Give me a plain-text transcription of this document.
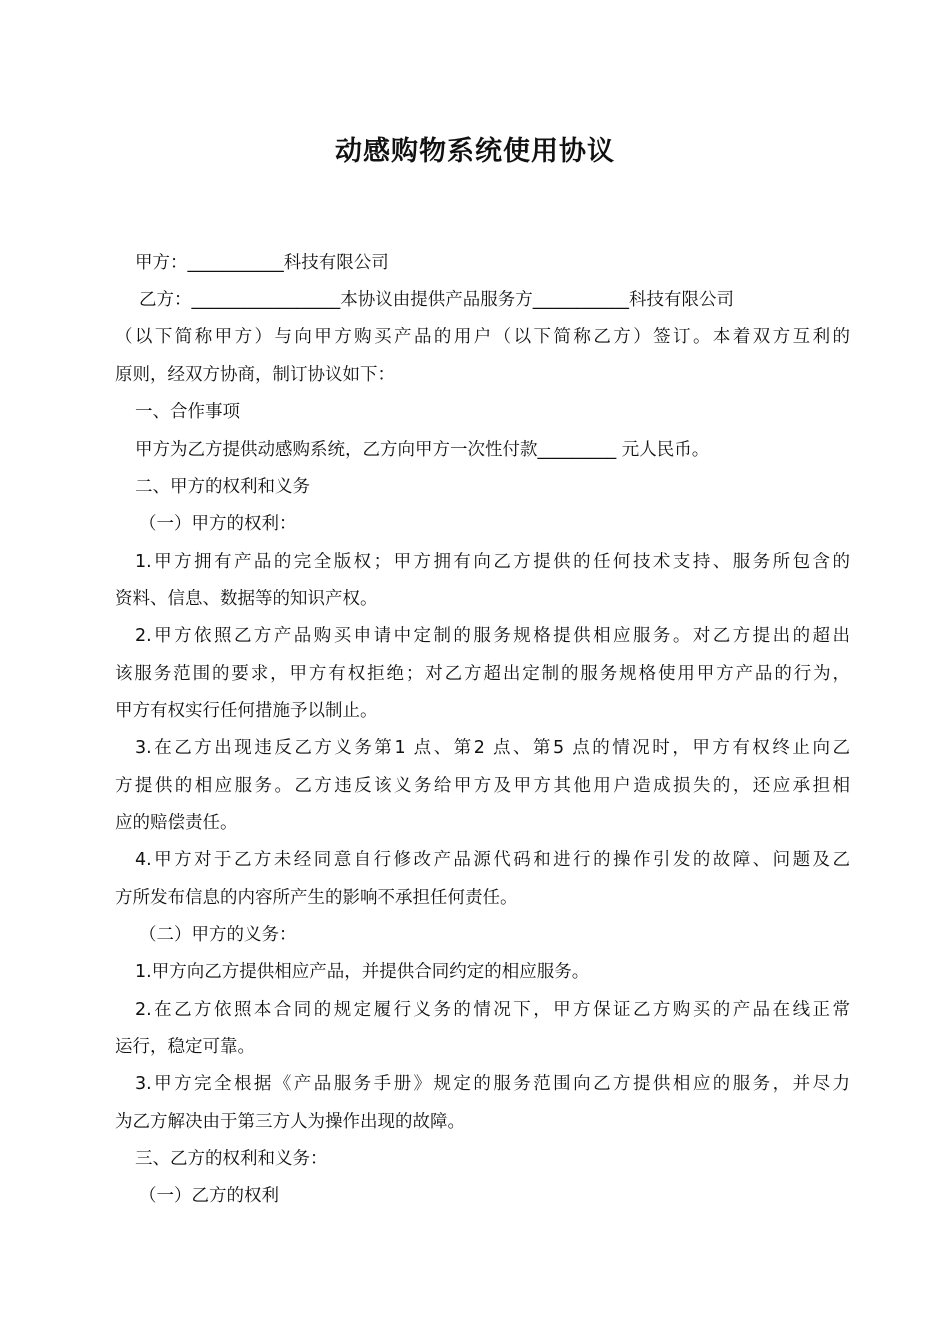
动感购物系统使用协议

甲方：___________科技有限公司

乙方：_________________本协议由提供产品服务方___________科技有限公司

（以下简称甲方）与向甲方购买产品的用户（以下简称乙方）签订。本着双方互利的

原则，经双方协商，制订协议如下：

一、合作事项

甲方为乙方提供动感购系统，乙方向甲方一次性付款_________ 元人民币。

二、甲方的权利和义务

（一）甲方的权利：

1.甲方拥有产品的完全版权；甲方拥有向乙方提供的任何技术支持、服务所包含的

资料、信息、数据等的知识产权。

2.甲方依照乙方产品购买申请中定制的服务规格提供相应服务。对乙方提出的超出

该服务范围的要求，甲方有权拒绝；对乙方超出定制的服务规格使用甲方产品的行为，

甲方有权实行任何措施予以制止。

3.在乙方出现违反乙方义务第1 点、第2 点、第5 点的情况时，甲方有权终止向乙

方提供的相应服务。乙方违反该义务给甲方及甲方其他用户造成损失的，还应承担相

应的赔偿责任。

4.甲方对于乙方未经同意自行修改产品源代码和进行的操作引发的故障、问题及乙

方所发布信息的内容所产生的影响不承担任何责任。

（二）甲方的义务：

1.甲方向乙方提供相应产品，并提供合同约定的相应服务。

2.在乙方依照本合同的规定履行义务的情况下，甲方保证乙方购买的产品在线正常

运行，稳定可靠。

3.甲方完全根据《产品服务手册》规定的服务范围向乙方提供相应的服务，并尽力

为乙方解决由于第三方人为操作出现的故障。

三、乙方的权利和义务：

（一）乙方的权利
